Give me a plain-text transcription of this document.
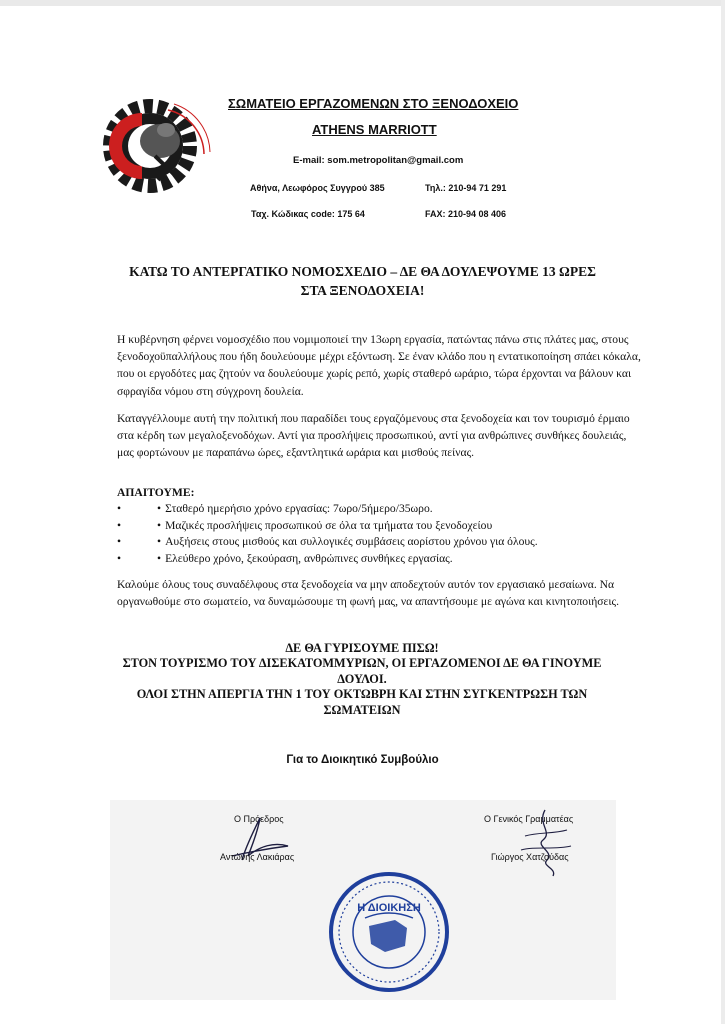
ΣΩΜΑΤΕΙΟ ΕΡΓΑΖΟΜΕΝΩΝ ΣΤΟ ΞΕΝΟΔΟΧΕΙΟ
ATHENS MARRIOTT
E-mail: som.metropolitan@gmail.com
Αθήνα, Λεωφόρος Συγγρού 385	Τηλ.: 210-94 71 291
Ταχ. Κώδικας code: 175 64	FAX: 210-94 08 406
ΚΑΤΩ ΤΟ ΑΝΤΕΡΓΑΤΙΚΟ ΝΟΜΟΣΧΕΔΙΟ – ΔΕ ΘΑ ΔΟΥΛΕΨΟΥΜΕ 13 ΩΡΕΣ ΣΤΑ ΞΕΝΟΔΟΧΕΙΑ!
Η κυβέρνηση φέρνει νομοσχέδιο που νομιμοποιεί την 13ωρη εργασία, πατώντας πάνω στις πλάτες μας, στους ξενοδοχοϋπαλλήλους που ήδη δουλεύουμε μέχρι εξόντωση. Σε έναν κλάδο που η εντατικοποίηση σπάει κόκαλα, που οι εργοδότες μας ζητούν να δουλεύουμε χωρίς ρεπό, χωρίς σταθερό ωράριο, τώρα έρχονται να βάλουν και σφραγίδα νόμου στη σύγχρονη δουλεία.
Καταγγέλλουμε αυτή την πολιτική που παραδίδει τους εργαζόμενους στα ξενοδοχεία και τον τουρισμό έρμαιο στα κέρδη των μεγαλοξενοδόχων. Αντί για προσλήψεις προσωπικού, αντί για ανθρώπινες συνθήκες δουλειάς, μας φορτώνουν με παραπάνω ώρες, εξαντλητικά ωράρια και μισθούς πείνας.
ΑΠΑΙΤΟΥΜΕ:
•	• Σταθερό ημερήσιο χρόνο εργασίας: 7ωρο/5ήμερο/35ωρο.
•	• Μαζικές προσλήψεις προσωπικού σε όλα τα τμήματα του ξενοδοχείου
•	• Αυξήσεις στους μισθούς και συλλογικές συμβάσεις αορίστου χρόνου για όλους.
•	• Ελεύθερο χρόνο, ξεκούραση, ανθρώπινες συνθήκες εργασίας.
Καλούμε όλους τους συναδέλφους στα ξενοδοχεία να μην αποδεχτούν αυτόν τον εργασιακό μεσαίωνα. Να οργανωθούμε στο σωματείο, να δυναμώσουμε τη φωνή μας, να απαντήσουμε με αγώνα και κινητοποιήσεις.
ΔΕ ΘΑ ΓΥΡΙΣΟΥΜΕ ΠΙΣΩ!
ΣΤΟΝ ΤΟΥΡΙΣΜΟ ΤΟΥ ΔΙΣΕΚΑΤΟΜΜΥΡΙΩΝ, ΟΙ ΕΡΓΑΖΟΜΕΝΟΙ ΔΕ ΘΑ ΓΙΝΟΥΜΕ ΔΟΥΛΟΙ.
ΟΛΟΙ ΣΤΗΝ ΑΠΕΡΓΙΑ ΤΗΝ 1 ΤΟΥ ΟΚΤΩΒΡΗ ΚΑΙ ΣΤΗΝ ΣΥΓΚΕΝΤΡΩΣΗ ΤΩΝ ΣΩΜΑΤΕΙΩΝ
Για το Διοικητικό Συμβούλιο
Ο Πρόεδρος
Αντώνης Λακιάρας
Ο Γενικός Γραμματέας
Γιώργος Χατζούδας
Η ΔΙΟΙΚΗΣΗ
